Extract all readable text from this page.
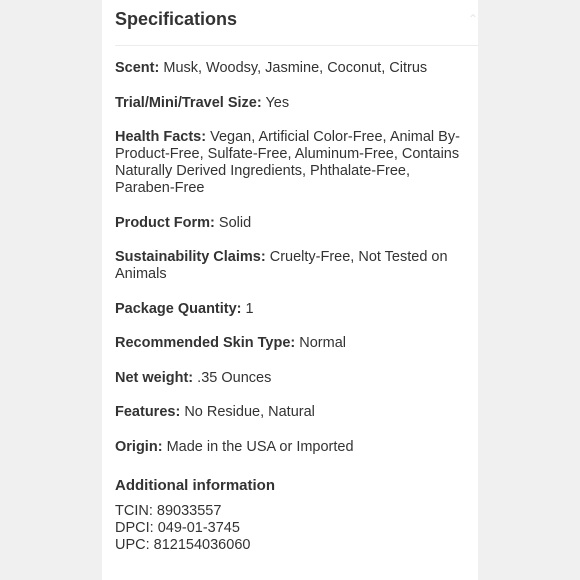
Specifications	⌃
Scent: Musk, Woodsy, Jasmine, Coconut, Citrus
Trial/Mini/Travel Size: Yes
Health Facts: Vegan, Artificial Color-Free, Animal By-Product-Free, Sulfate-Free, Aluminum-Free, Contains Naturally Derived Ingredients, Phthalate-Free, Paraben-Free
Product Form: Solid
Sustainability Claims: Cruelty-Free, Not Tested on Animals
Package Quantity: 1
Recommended Skin Type: Normal
Net weight: .35 Ounces
Features: No Residue, Natural
Origin: Made in the USA or Imported
Additional information

TCIN: 89033557

DPCI: 049-01-3745

UPC: 812154036060
